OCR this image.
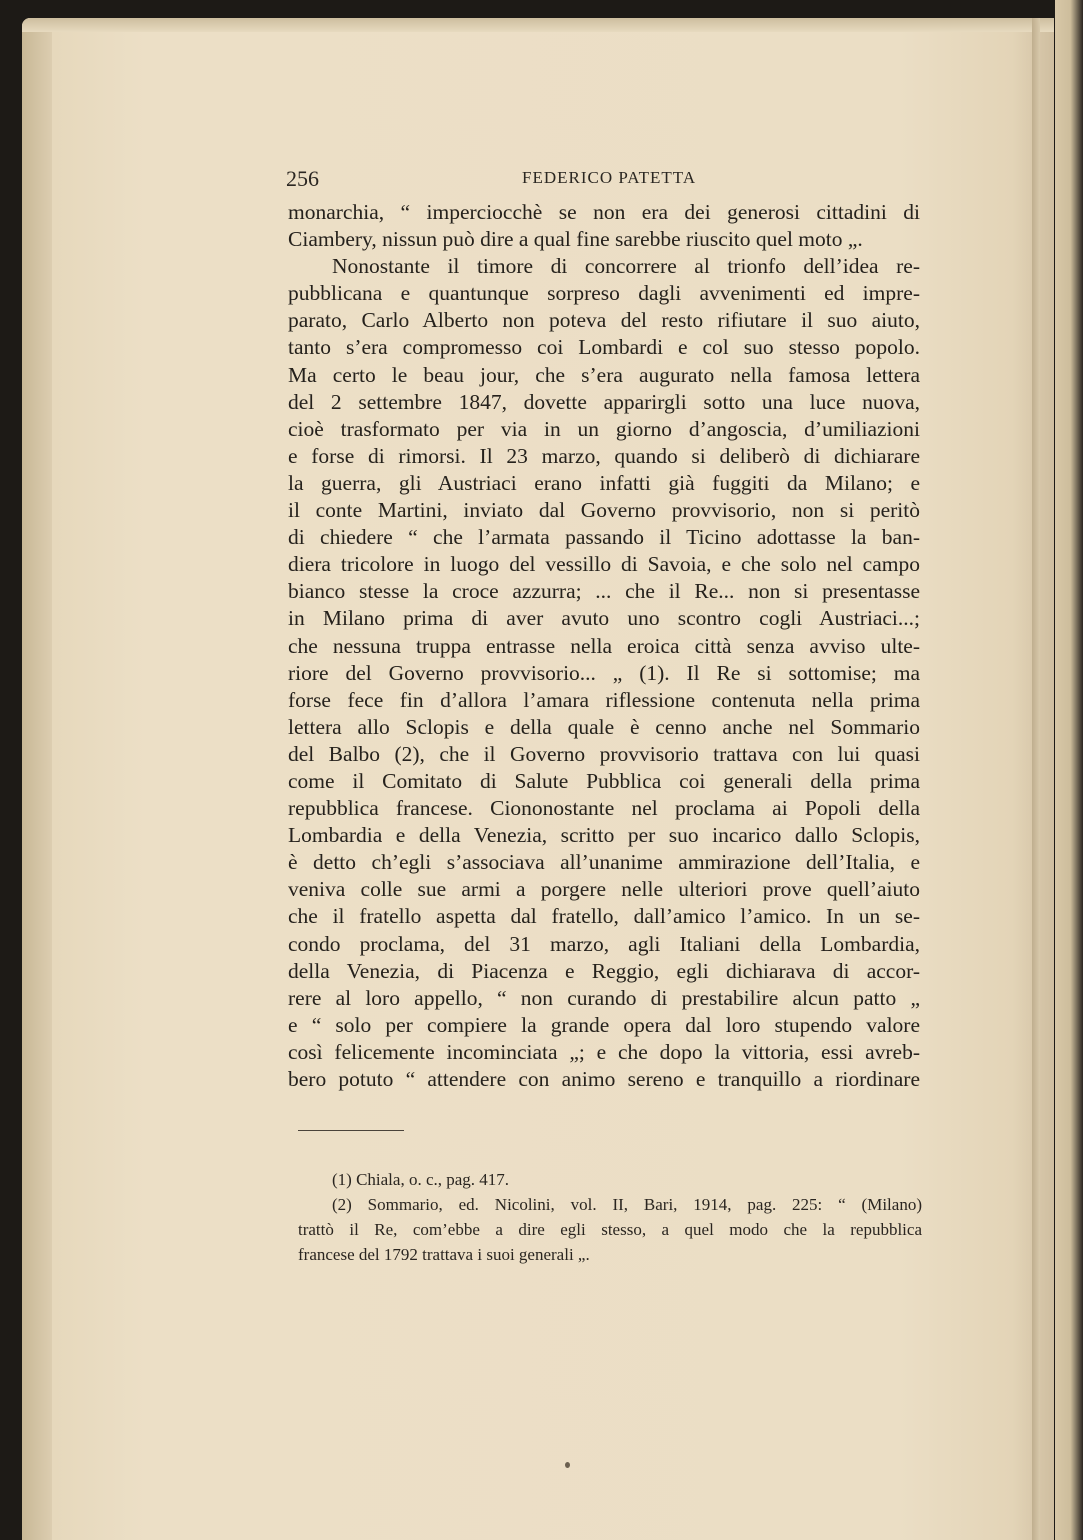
256	FEDERICO PATETTA
monarchia, “ imperciocchè se non era dei generosi cittadini di
Ciambery, nissun può dire a qual fine sarebbe riuscito quel moto „.
Nonostante il timore di concorrere al trionfo dell’idea re-
pubblicana e quantunque sorpreso dagli avvenimenti ed impre-
parato, Carlo Alberto non poteva del resto rifiutare il suo aiuto,
tanto s’era compromesso coi Lombardi e col suo stesso popolo.
Ma certo le beau jour, che s’era augurato nella famosa lettera
del 2 settembre 1847, dovette apparirgli sotto una luce nuova,
cioè trasformato per via in un giorno d’angoscia, d’umiliazioni
e forse di rimorsi. Il 23 marzo, quando si deliberò di dichiarare
la guerra, gli Austriaci erano infatti già fuggiti da Milano; e
il conte Martini, inviato dal Governo provvisorio, non si peritò
di chiedere “ che l’armata passando il Ticino adottasse la ban-
diera tricolore in luogo del vessillo di Savoia, e che solo nel campo
bianco stesse la croce azzurra; ... che il Re... non si presentasse
in Milano prima di aver avuto uno scontro cogli Austriaci...;
che nessuna truppa entrasse nella eroica città senza avviso ulte-
riore del Governo provvisorio... „ (1). Il Re si sottomise; ma
forse fece fin d’allora l’amara riflessione contenuta nella prima
lettera allo Sclopis e della quale è cenno anche nel Sommario
del Balbo (2), che il Governo provvisorio trattava con lui quasi
come il Comitato di Salute Pubblica coi generali della prima
repubblica francese. Ciononostante nel proclama ai Popoli della
Lombardia e della Venezia, scritto per suo incarico dallo Sclopis,
è detto ch’egli s’associava all’unanime ammirazione dell’Italia, e
veniva colle sue armi a porgere nelle ulteriori prove quell’aiuto
che il fratello aspetta dal fratello, dall’amico l’amico. In un se-
condo proclama, del 31 marzo, agli Italiani della Lombardia,
della Venezia, di Piacenza e Reggio, egli dichiarava di accor-
rere al loro appello, “ non curando di prestabilire alcun patto „
e “ solo per compiere la grande opera dal loro stupendo valore
così felicemente incominciata „; e che dopo la vittoria, essi avreb-
bero potuto “ attendere con animo sereno e tranquillo a riordinare
(1) Chiala, o. c., pag. 417.
(2) Sommario, ed. Nicolini, vol. II, Bari, 1914, pag. 225: “ (Milano)
trattò il Re, com’ebbe a dire egli stesso, a quel modo che la repubblica
francese del 1792 trattava i suoi generali „.
